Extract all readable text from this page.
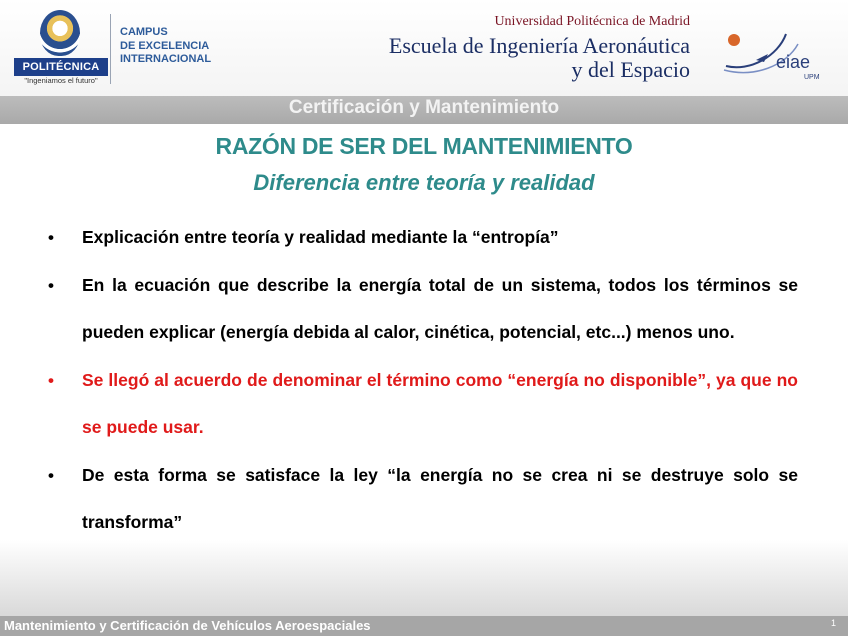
POLITÉCNICA
"Ingeniamos el futuro"
CAMPUS
DE EXCELENCIA
INTERNACIONAL
Universidad Politécnica de Madrid
Escuela de Ingeniería Aeronáutica
y del Espacio	eiae
UPM
Certificación y Mantenimiento
RAZÓN DE SER DEL MANTENIMIENTO
Diferencia entre teoría y realidad
• Explicación entre teoría y realidad mediante la “entropía”
• En la ecuación que describe la energía total de un sistema, todos los términos se pueden explicar (energía debida al calor, cinética, potencial, etc...) menos uno.
• Se llegó al acuerdo de denominar el término como “energía no disponible”, ya que no se puede usar.
• De esta forma se satisface la ley “la energía no se crea ni se destruye solo se transforma”
Mantenimiento y Certificación de Vehículos Aeroespaciales	1
